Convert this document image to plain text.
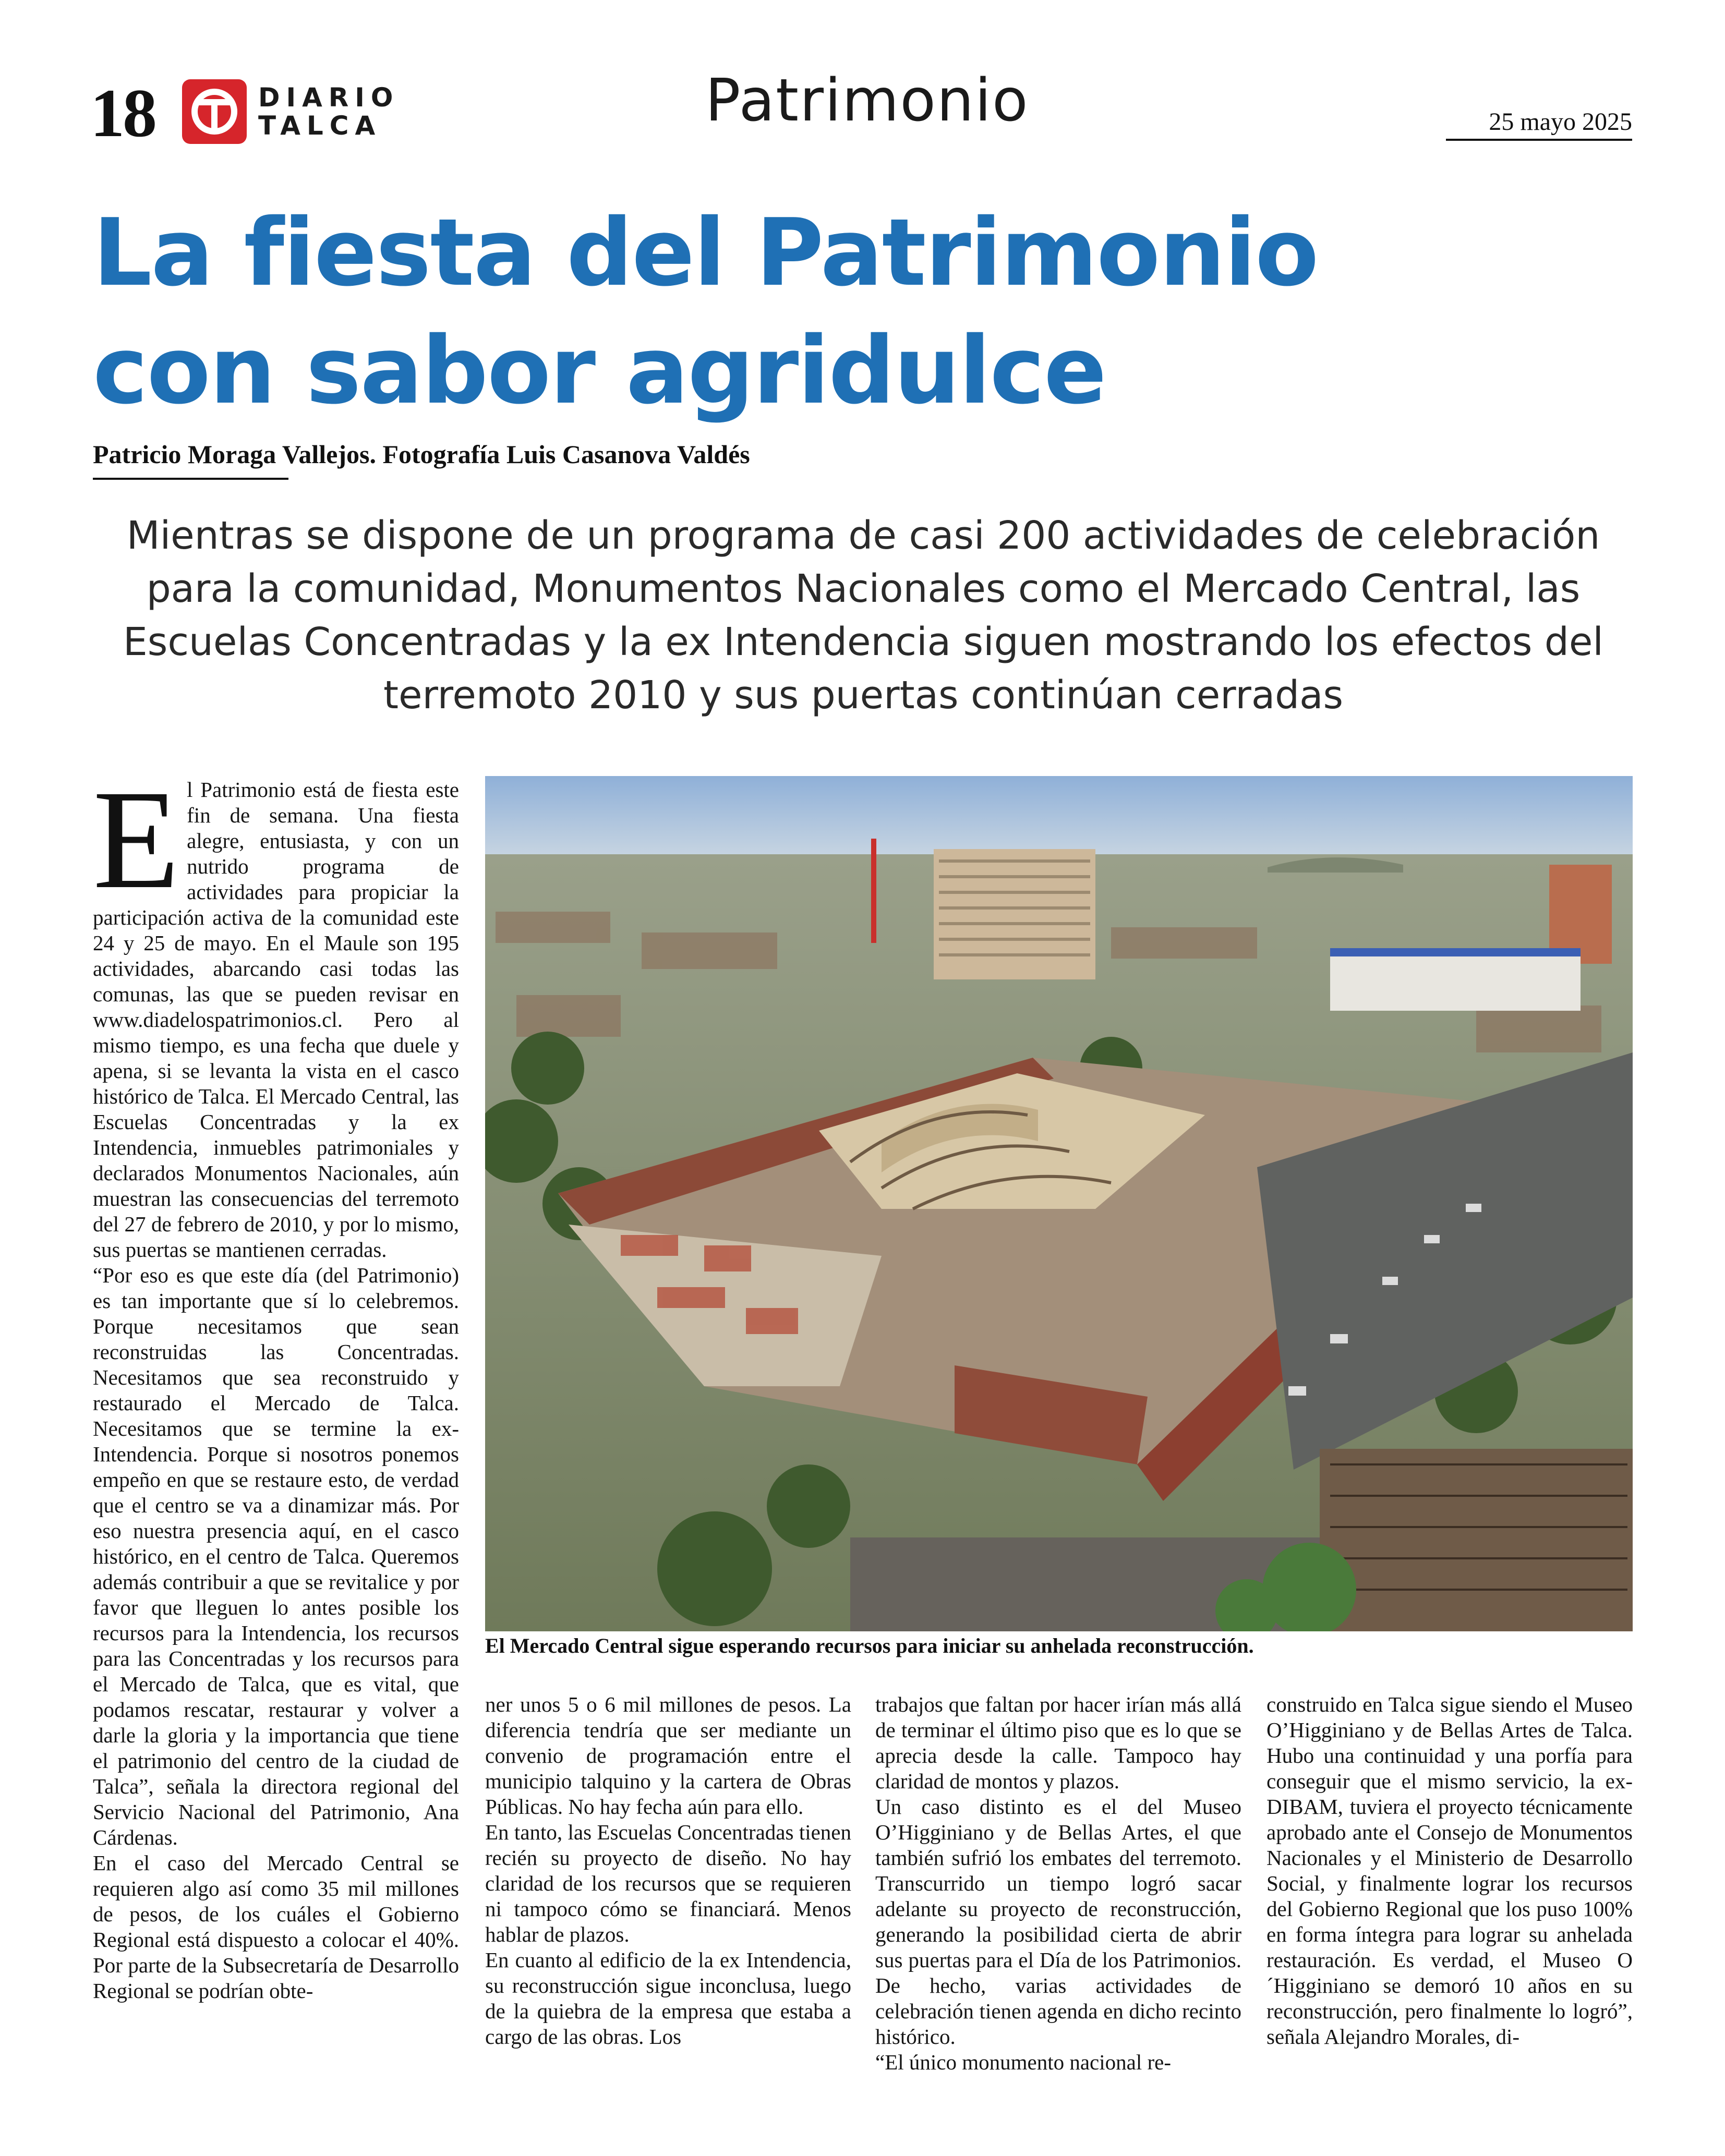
18	DIARIO
TALCA	Patrimonio	25 mayo 2025
La fiesta del Patrimonio
con sabor agridulce
Patricio Moraga Vallejos. Fotografía Luis Casanova Valdés
Mientras se dispone de un programa de casi 200 actividades de celebración para la comunidad, Monumentos Nacionales como el Mercado Central, las Escuelas Concentradas y la ex Intendencia siguen mostrando los efectos del terremoto 2010 y sus puertas continúan cerradas
El Mercado Central sigue esperando recursos para iniciar su anhelada reconstrucción.

El Patrimonio está de fiesta este fin de semana. Una fiesta alegre, entusiasta, y con un nutrido programa de actividades para propiciar la participación activa de la comunidad este 24 y 25 de mayo. En el Maule son 195 actividades, abarcando casi todas las comunas, las que se pueden revisar en www.diadelospatrimonios.cl. Pero al mismo tiempo, es una fecha que duele y apena, si se levanta la vista en el casco histórico de Talca. El Mercado Central, las Escuelas Concentradas y la ex Intendencia, inmuebles patrimoniales y declarados Monumentos Nacionales, aún muestran las consecuencias del terremoto del 27 de febrero de 2010, y por lo mismo, sus puertas se mantienen cerradas.

“Por eso es que este día (del Patrimonio) es tan importante que sí lo celebremos. Porque necesitamos que sean reconstruidas las Concentradas. Necesitamos que sea reconstruido y restaurado el Mercado de Talca. Necesitamos que se termine la ex-Intendencia. Porque si nosotros ponemos empeño en que se restaure esto, de verdad que el centro se va a dinamizar más. Por eso nuestra presencia aquí, en el casco histórico, en el centro de Talca. Queremos además contribuir a que se revitalice y por favor que lleguen lo antes posible los recursos para la Intendencia, los recursos para las Concentradas y los recursos para el Mercado de Talca, que es vital, que podamos rescatar, restaurar y volver a darle la gloria y la importancia que tiene el patrimonio del centro de la ciudad de Talca”, señala la directora regional del Servicio Nacional del Patrimonio, Ana Cárdenas.

En el caso del Mercado Central se requieren algo así como 35 mil millones de pesos, de los cuáles el Gobierno Regional está dispuesto a colocar el 40%. Por parte de la Subsecretaría de Desarrollo Regional se podrían obte-

ner unos 5 o 6 mil millones de pesos. La diferencia tendría que ser mediante un convenio de programación entre el municipio talquino y la cartera de Obras Públicas. No hay fecha aún para ello.

En tanto, las Escuelas Concentradas tienen recién su proyecto de diseño. No hay claridad de los recursos que se requieren ni tampoco cómo se financiará. Menos hablar de plazos.

En cuanto al edificio de la ex Intendencia, su reconstrucción sigue inconclusa, luego de la quiebra de la empresa que estaba a cargo de las obras. Los

trabajos que faltan por hacer irían más allá de terminar el último piso que es lo que se aprecia desde la calle. Tampoco hay claridad de montos y plazos.

Un caso distinto es el del Museo O’Higginiano y de Bellas Artes, el que también sufrió los embates del terremoto. Transcurrido un tiempo logró sacar adelante su proyecto de reconstrucción, generando la posibilidad cierta de abrir sus puertas para el Día de los Patrimonios. De hecho, varias actividades de celebración tienen agenda en dicho recinto histórico.

“El único monumento nacional re-

construido en Talca sigue siendo el Museo O’Higginiano y de Bellas Artes de Talca. Hubo una continuidad y una porfía para conseguir que el mismo servicio, la ex-DIBAM, tuviera el proyecto técnicamente aprobado ante el Consejo de Monumentos Nacionales y el Ministerio de Desarrollo Social, y finalmente lograr los recursos del Gobierno Regional que los puso 100% en forma íntegra para lograr su anhelada restauración. Es verdad, el Museo O´Higginiano se demoró 10 años en su reconstrucción, pero finalmente lo logró”, señala Alejandro Morales, di-
